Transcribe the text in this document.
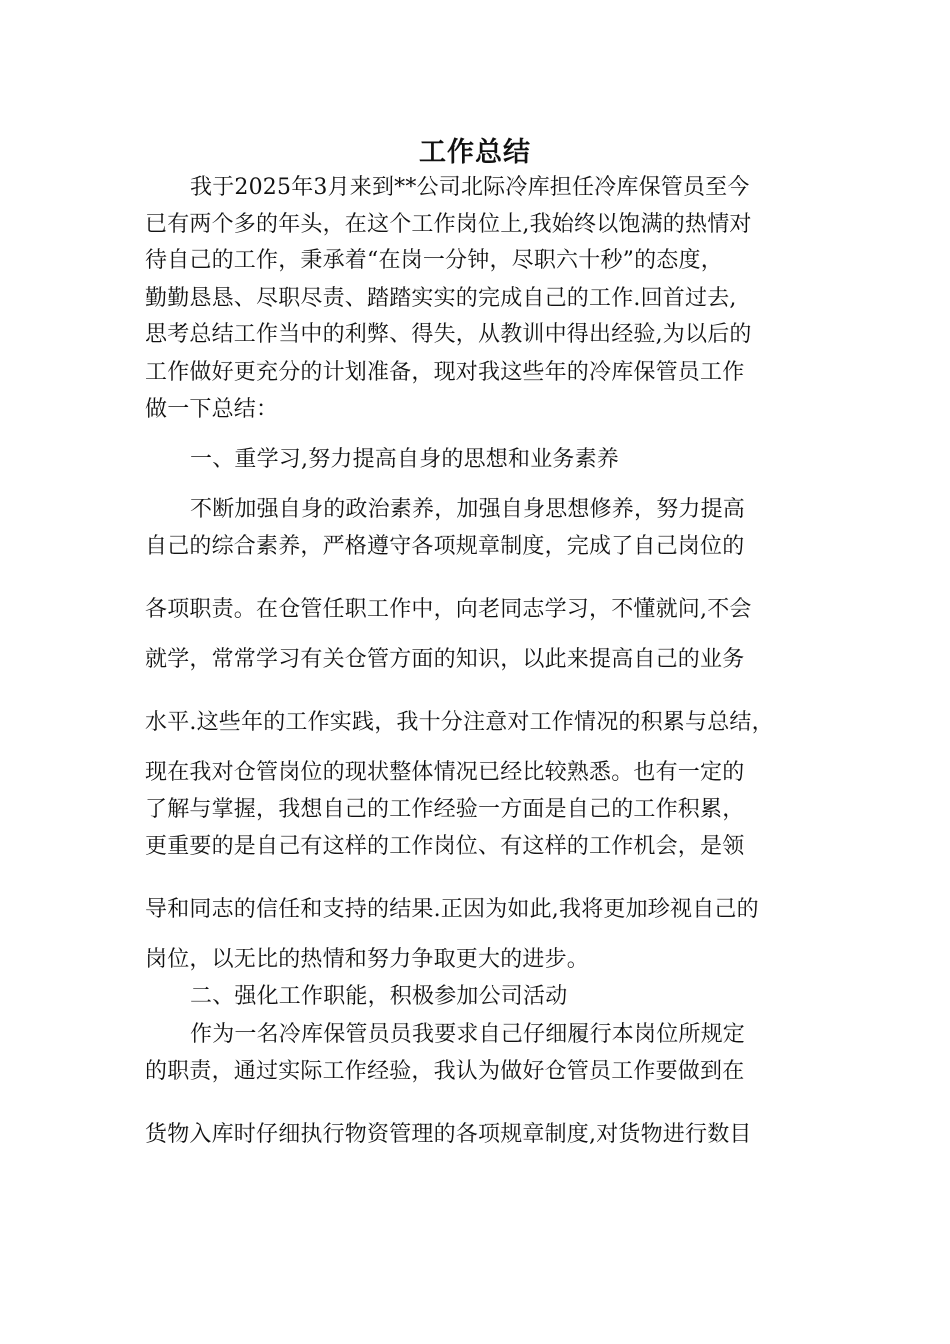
工作总结
我于2025年3月来到**公司北际冷库担任冷库保管员至今
已有两个多的年头，在这个工作岗位上,我始终以饱满的热情对
待自己的工作，秉承着“在岗一分钟，尽职六十秒”的态度，
勤勤恳恳、尽职尽责、踏踏实实的完成自己的工作.回首过去,
思考总结工作当中的利弊、得失，从教训中得出经验,为以后的
工作做好更充分的计划准备，现对我这些年的冷库保管员工作
做一下总结：
一、重学习,努力提高自身的思想和业务素养
不断加强自身的政治素养，加强自身思想修养，努力提高
自己的综合素养，严格遵守各项规章制度，完成了自己岗位的
各项职责。在仓管任职工作中，向老同志学习，不懂就问,不会
就学，常常学习有关仓管方面的知识，以此来提高自己的业务
水平.这些年的工作实践，我十分注意对工作情况的积累与总结，
现在我对仓管岗位的现状整体情况已经比较熟悉。也有一定的
了解与掌握，我想自己的工作经验一方面是自己的工作积累，
更重要的是自己有这样的工作岗位、有这样的工作机会，是领
导和同志的信任和支持的结果.正因为如此,我将更加珍视自己的
岗位，以无比的热情和努力争取更大的进步。
二、强化工作职能，积极参加公司活动
作为一名冷库保管员员我要求自己仔细履行本岗位所规定
的职责，通过实际工作经验，我认为做好仓管员工作要做到在
货物入库时仔细执行物资管理的各项规章制度,对货物进行数目
